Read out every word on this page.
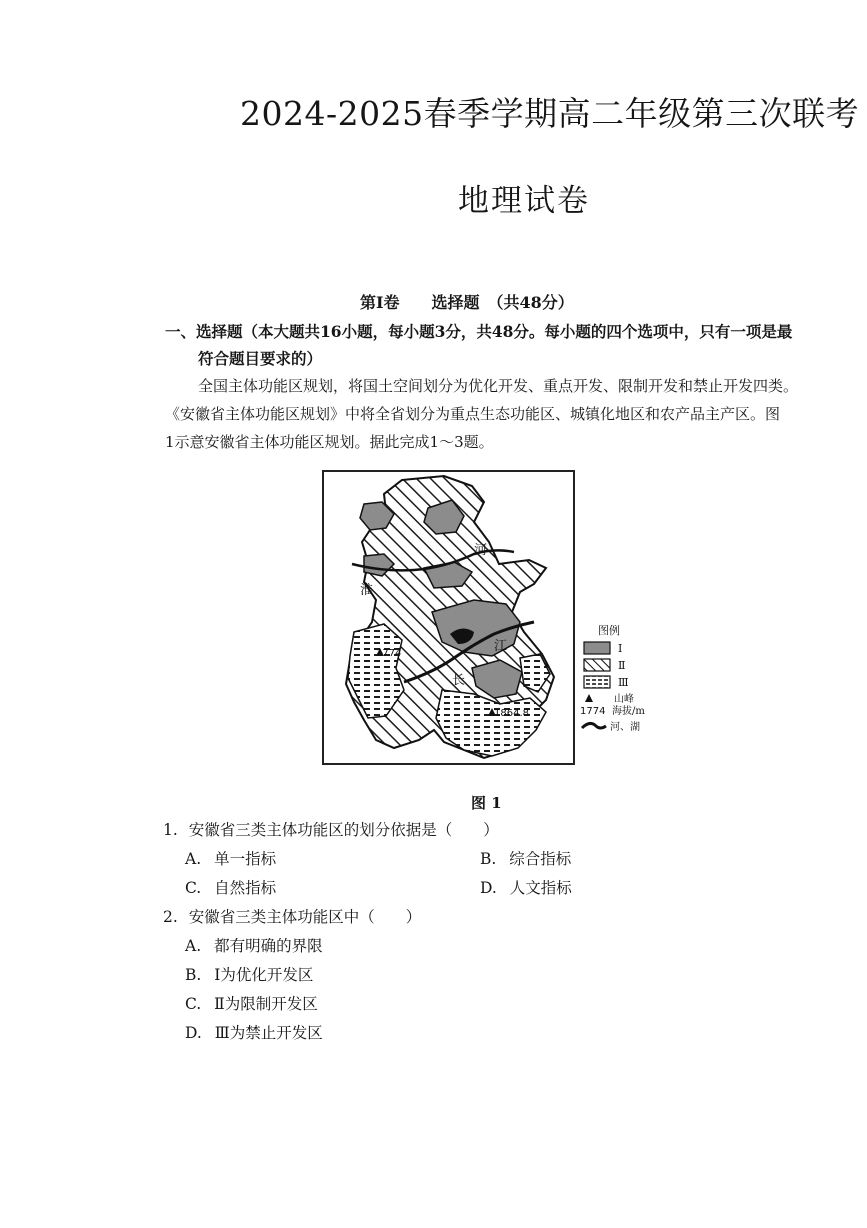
2024-2025春季学期高二年级第三次联考
地理试卷
第Ⅰ卷　　选择题　（共48分）
一、选择题（本大题共16小题，每小题3分，共48分。每小题的四个选项中，只有一项是最
符合题目要求的）
全国主体功能区规划，将国土空间划分为优化开发、重点开发、限制开发和禁止开发四类。
《安徽省主体功能区规划》中将全省划分为重点生态功能区、城镇化地区和农产品主产区。图
1示意安徽省主体功能区规划。据此完成1～3题。
淮
河
江
长
1774
1864.8
图例
Ⅰ
Ⅱ
Ⅲ
山峰
1774 海拔/m
河、湖
图 1
1. 安徽省三类主体功能区的划分依据是（　　）
A. 单一指标	B. 综合指标
C. 自然指标	D. 人文指标
2. 安徽省三类主体功能区中（　　）
A. 都有明确的界限
B. Ⅰ为优化开发区
C. Ⅱ为限制开发区
D. Ⅲ为禁止开发区
